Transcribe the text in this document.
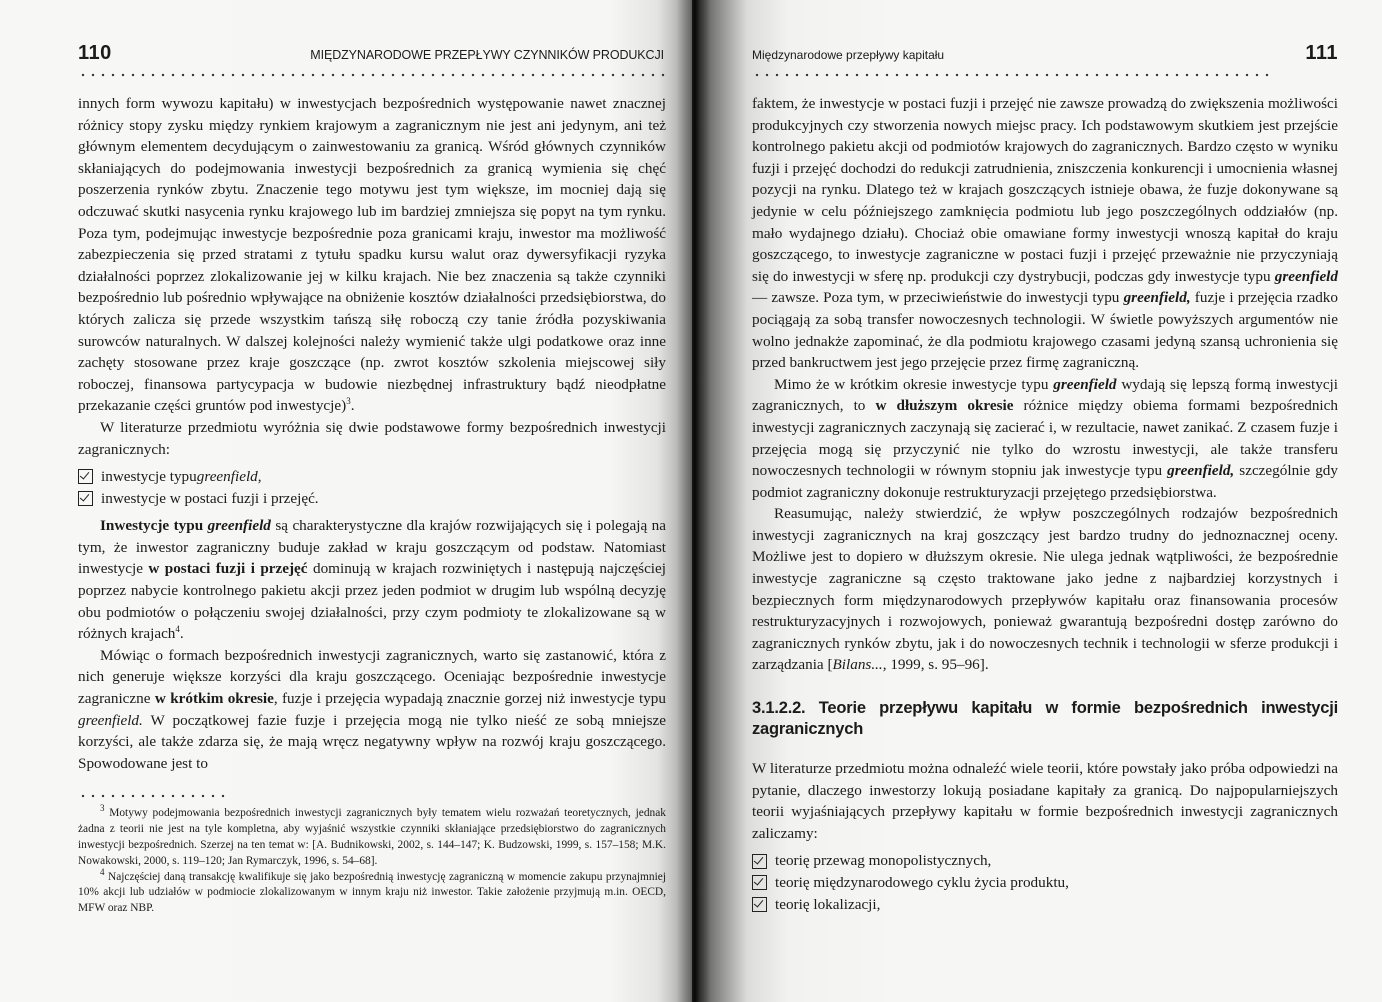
110	MIĘDZYNARODOWE PRZEPŁYWY CZYNNIKÓW PRODUKCJI

innych form wywozu kapitału) w inwestycjach bezpośrednich występowanie nawet znacznej różnicy stopy zysku między rynkiem krajowym a zagranicznym nie jest ani jedynym, ani też głównym elementem decydującym o zainwestowaniu za granicą. Wśród głównych czynników skłaniających do podejmowania inwestycji bezpośrednich za granicą wymienia się chęć poszerzenia rynków zbytu. Znaczenie tego motywu jest tym większe, im mocniej dają się odczuwać skutki nasycenia rynku krajowego lub im bardziej zmniejsza się popyt na tym rynku. Poza tym, podejmując inwestycje bezpośrednie poza granicami kraju, inwestor ma możliwość zabezpieczenia się przed stratami z tytułu spadku kursu walut oraz dywersyfikacji ryzyka działalności poprzez zlokalizowanie jej w kilku krajach. Nie bez znaczenia są także czynniki bezpośrednio lub pośrednio wpływające na obniżenie kosztów działalności przedsiębiorstwa, do których zalicza się przede wszystkim tańszą siłę roboczą czy tanie źródła pozyskiwania surowców naturalnych. W dalszej kolejności należy wymienić także ulgi podatkowe oraz inne zachęty stosowane przez kraje goszczące (np. zwrot kosztów szkolenia miejscowej siły roboczej, finansowa partycypacja w budowie niezbędnej infrastruktury bądź nieodpłatne przekazanie części gruntów pod inwestycje)$^3$.

W literaturze przedmiotu wyróżnia się dwie podstawowe formy bezpośrednich inwestycji zagranicznych:

inwestycje typu greenfield ,
inwestycje w postaci fuzji i przejęć.

Inwestycje typu greenfield są charakterystyczne dla krajów rozwijających się i polegają na tym, że inwestor zagraniczny buduje zakład w kraju goszczącym od podstaw. Natomiast inwestycje w postaci fuzji i przejęć dominują w krajach rozwiniętych i następują najczęściej poprzez nabycie kontrolnego pakietu akcji przez jeden podmiot w drugim lub wspólną decyzję obu podmiotów o połączeniu swojej działalności, przy czym podmioty te zlokalizowane są w różnych krajach$^4$.

Mówiąc o formach bezpośrednich inwestycji zagranicznych, warto się zastanowić, która z nich generuje większe korzyści dla kraju goszczącego. Oceniając bezpośrednie inwestycje zagraniczne w krótkim okresie, fuzje i przejęcia wypadają znacznie gorzej niż inwestycje typu greenfield. W początkowej fazie fuzje i przejęcia mogą nie tylko nieść ze sobą mniejsze korzyści, ale także zdarza się, że mają wręcz negatywny wpływ na rozwój kraju goszczącego. Spowodowane jest to

$^3$ Motywy podejmowania bezpośrednich inwestycji zagranicznych były tematem wielu rozważań teoretycznych, jednak żadna z teorii nie jest na tyle kompletna, aby wyjaśnić wszystkie czynniki skłaniające przedsiębiorstwo do zagranicznych inwestycji bezpośrednich. Szerzej na ten temat w: [A. Budnikowski, 2002, s. 144–147; K. Budzowski, 1999, s. 157–158; M.K. Nowakowski, 2000, s. 119–120; Jan Rymarczyk, 1996, s. 54–68].

$^4$ Najczęściej daną transakcję kwalifikuje się jako bezpośrednią inwestycję zagraniczną w momencie zakupu przynajmniej 10% akcji lub udziałów w podmiocie zlokalizowanym w innym kraju niż inwestor. Takie założenie przyjmują m.in. OECD, MFW oraz NBP.

Międzynarodowe przepływy kapitału	111

faktem, że inwestycje w postaci fuzji i przejęć nie zawsze prowadzą do zwiększenia możliwości produkcyjnych czy stworzenia nowych miejsc pracy. Ich podstawowym skutkiem jest przejście kontrolnego pakietu akcji od podmiotów krajowych do zagranicznych. Bardzo często w wyniku fuzji i przejęć dochodzi do redukcji zatrudnienia, zniszczenia konkurencji i umocnienia własnej pozycji na rynku. Dlatego też w krajach goszczących istnieje obawa, że fuzje dokonywane są jedynie w celu późniejszego zamknięcia podmiotu lub jego poszczególnych oddziałów (np. mało wydajnego działu). Chociaż obie omawiane formy inwestycji wnoszą kapitał do kraju goszczącego, to inwestycje zagraniczne w postaci fuzji i przejęć przeważnie nie przyczyniają się do inwestycji w sferę np. produkcji czy dystrybucji, podczas gdy inwestycje typu greenfield — zawsze. Poza tym, w przeciwieństwie do inwestycji typu greenfield, fuzje i przejęcia rzadko pociągają za sobą transfer nowoczesnych technologii. W świetle powyższych argumentów nie wolno jednakże zapominać, że dla podmiotu krajowego czasami jedyną szansą uchronienia się przed bankructwem jest jego przejęcie przez firmę zagraniczną.

Mimo że w krótkim okresie inwestycje typu greenfield wydają się lepszą formą inwestycji zagranicznych, to w dłuższym okresie różnice między obiema formami bezpośrednich inwestycji zagranicznych zaczynają się zacierać i, w rezultacie, nawet zanikać. Z czasem fuzje i przejęcia mogą się przyczynić nie tylko do wzrostu inwestycji, ale także transferu nowoczesnych technologii w równym stopniu jak inwestycje typu greenfield, szczególnie gdy podmiot zagraniczny dokonuje restrukturyzacji przejętego przedsiębiorstwa.

Reasumując, należy stwierdzić, że wpływ poszczególnych rodzajów bezpośrednich inwestycji zagranicznych na kraj goszczący jest bardzo trudny do jednoznacznej oceny. Możliwe jest to dopiero w dłuższym okresie. Nie ulega jednak wątpliwości, że bezpośrednie inwestycje zagraniczne są często traktowane jako jedne z najbardziej korzystnych i bezpiecznych form międzynarodowych przepływów kapitału oraz finansowania procesów restrukturyzacyjnych i rozwojowych, ponieważ gwarantują bezpośredni dostęp zarówno do zagranicznych rynków zbytu, jak i do nowoczesnych technik i technologii w sferze produkcji i zarządzania [Bilans..., 1999, s. 95–96].

3.1.2.2. Teorie przepływu kapitału w formie bezpośrednich inwestycji zagranicznych

W literaturze przedmiotu można odnaleźć wiele teorii, które powstały jako próba odpowiedzi na pytanie, dlaczego inwestorzy lokują posiadane kapitały za granicą. Do najpopularniejszych teorii wyjaśniających przepływy kapitału w formie bezpośrednich inwestycji zagranicznych zaliczamy:

teorię przewag monopolistycznych,
teorię międzynarodowego cyklu życia produktu,
teorię lokalizacji,
